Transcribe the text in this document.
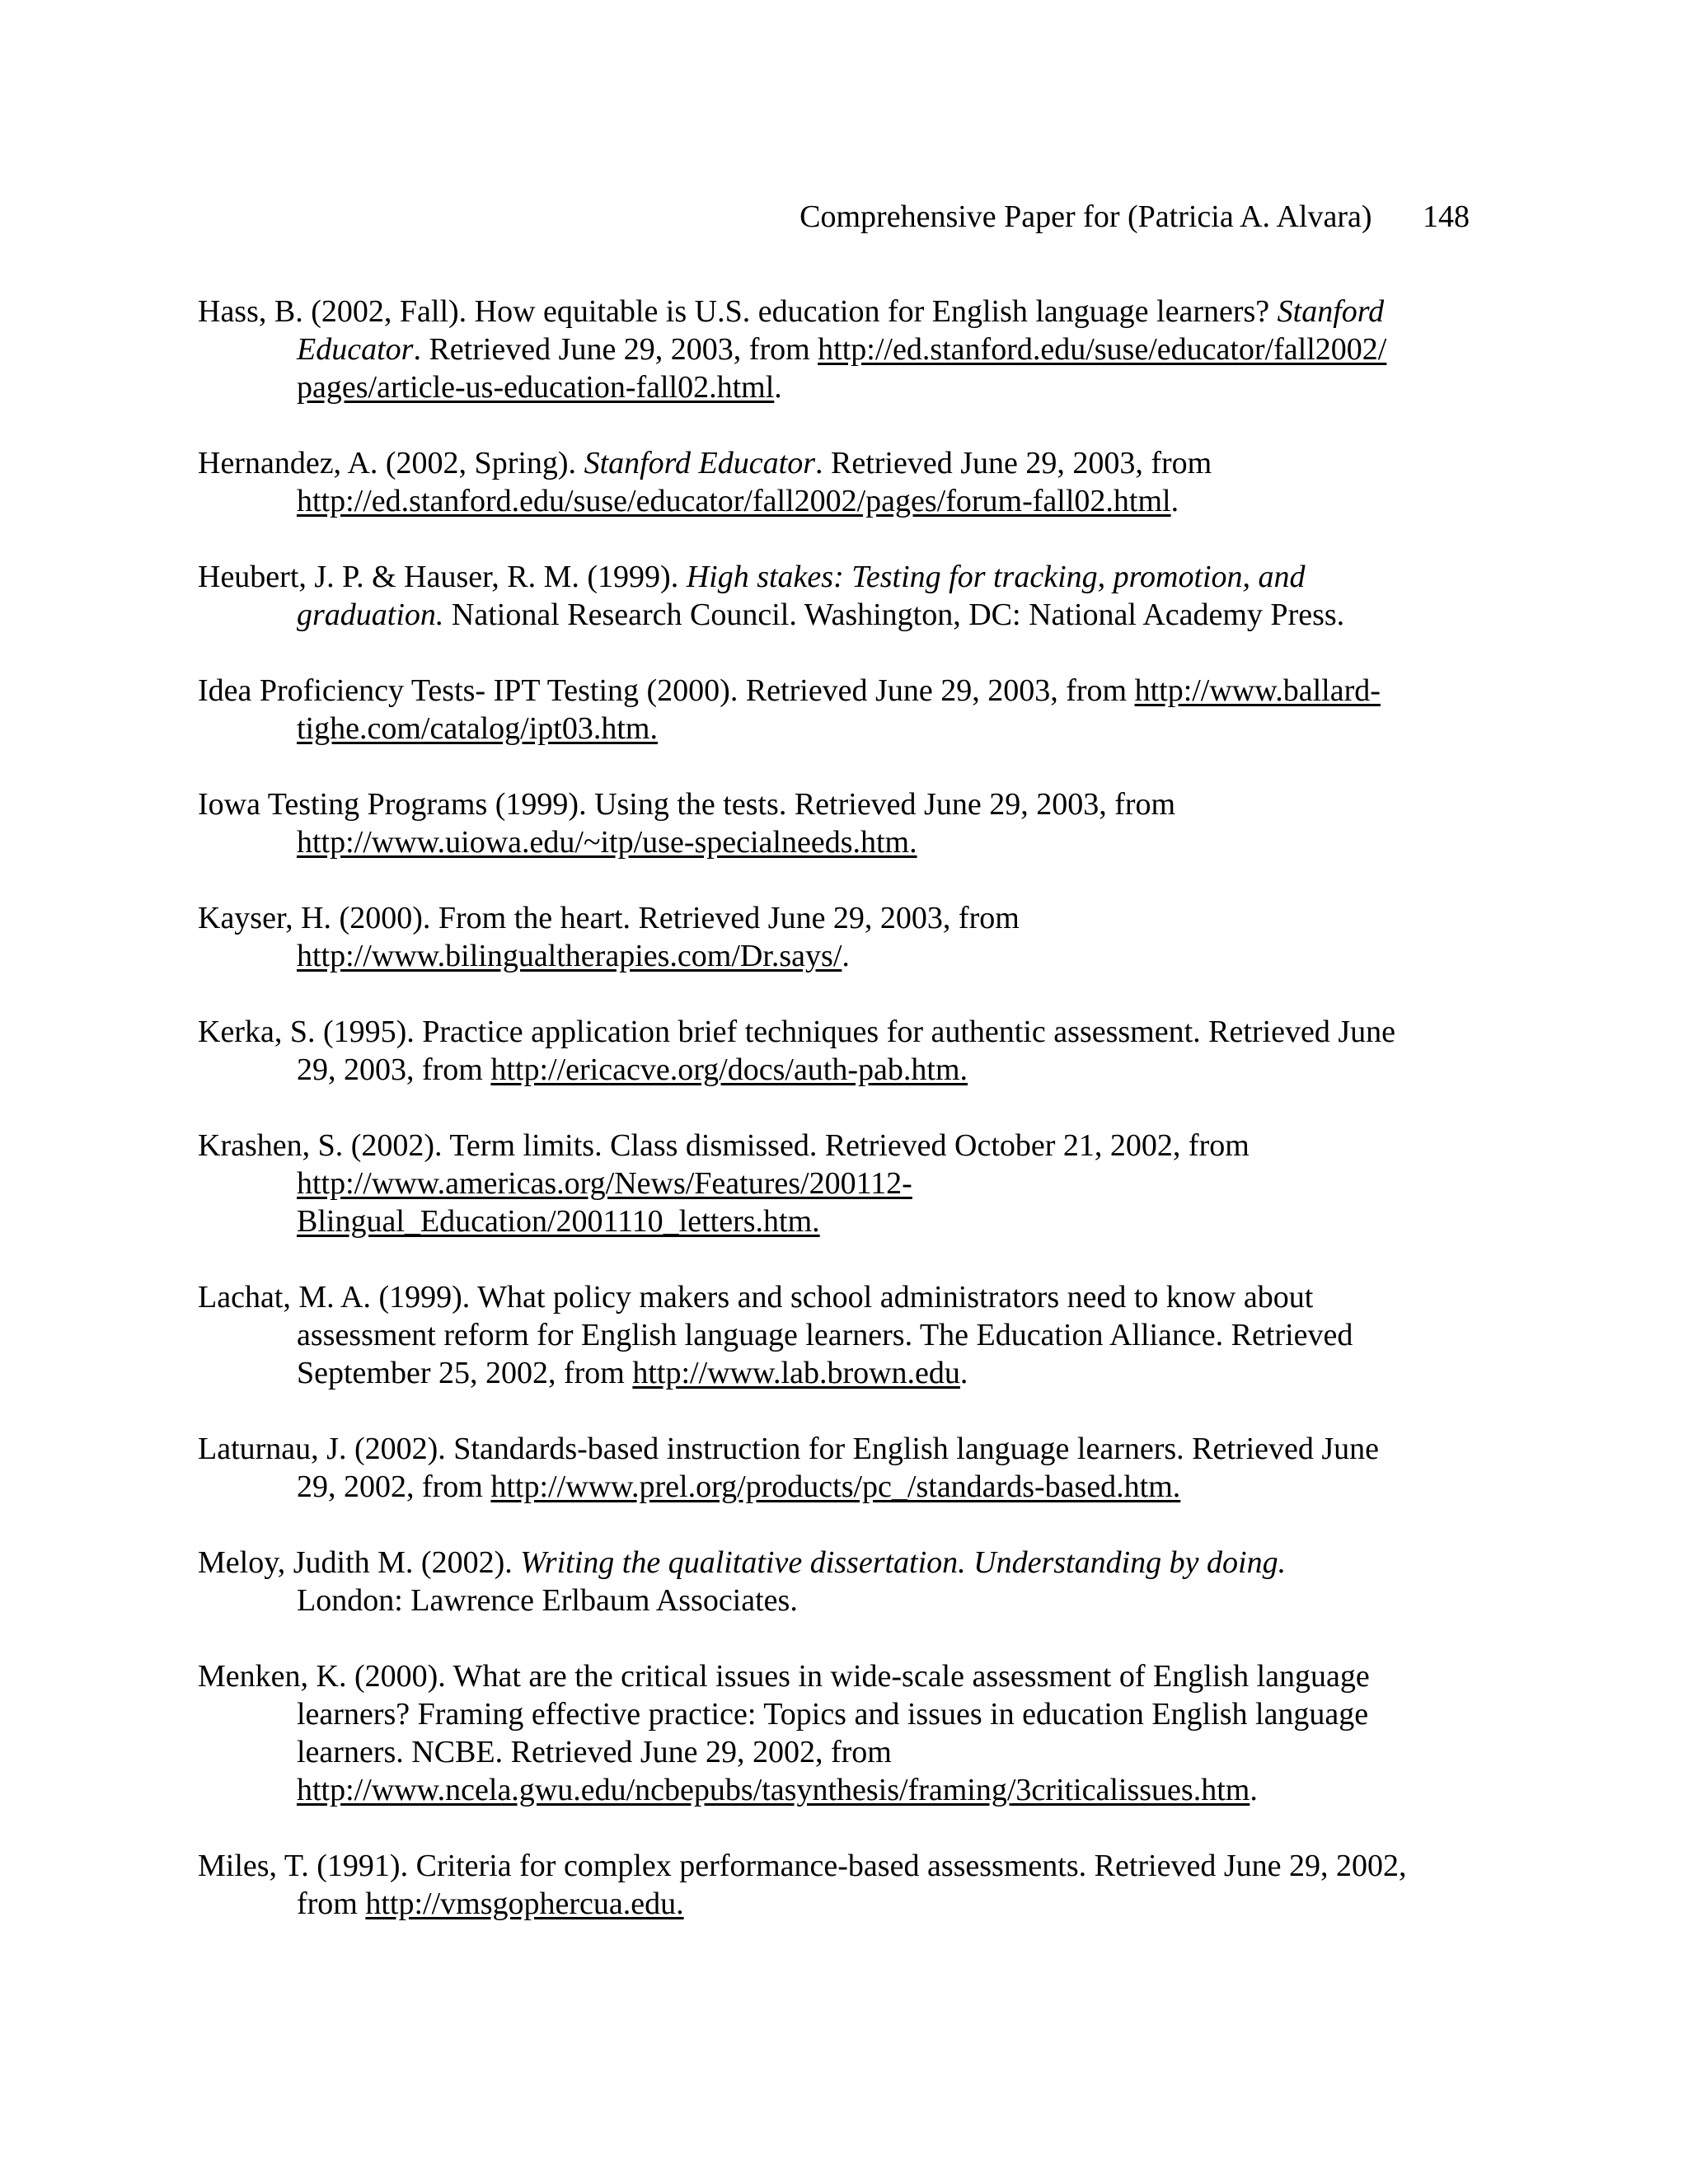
Comprehensive Paper for (Patricia A. Alvara) 148

Hass, B. (2002, Fall). How equitable is U.S. education for English language learners? Stanford
Educator. Retrieved June 29, 2003, from http://ed.stanford.edu/suse/educator/fall2002/
pages/article-us-education-fall02.html.

Hernandez, A. (2002, Spring). Stanford Educator. Retrieved June 29, 2003, from
http://ed.stanford.edu/suse/educator/fall2002/pages/forum-fall02.html.

Heubert, J. P. & Hauser, R. M. (1999). High stakes: Testing for tracking, promotion, and
graduation. National Research Council. Washington, DC: National Academy Press.

Idea Proficiency Tests- IPT Testing (2000). Retrieved June 29, 2003, from http://www.ballard-
tighe.com/catalog/ipt03.htm.

Iowa Testing Programs (1999). Using the tests. Retrieved June 29, 2003, from
http://www.uiowa.edu/~itp/use-specialneeds.htm.

Kayser, H. (2000). From the heart. Retrieved June 29, 2003, from
http://www.bilingualtherapies.com/Dr.says/.

Kerka, S. (1995). Practice application brief techniques for authentic assessment. Retrieved June
29, 2003, from http://ericacve.org/docs/auth-pab.htm.

Krashen, S. (2002). Term limits. Class dismissed. Retrieved October 21, 2002, from
http://www.americas.org/News/Features/200112-
Blingual_Education/2001110_letters.htm.

Lachat, M. A. (1999). What policy makers and school administrators need to know about
assessment reform for English language learners. The Education Alliance. Retrieved
September 25, 2002, from http://www.lab.brown.edu.

Laturnau, J. (2002). Standards-based instruction for English language learners. Retrieved June
29, 2002, from http://www.prel.org/products/pc_/standards-based.htm.

Meloy, Judith M. (2002). Writing the qualitative dissertation. Understanding by doing.
London: Lawrence Erlbaum Associates.

Menken, K. (2000). What are the critical issues in wide-scale assessment of English language
learners? Framing effective practice: Topics and issues in education English language
learners. NCBE. Retrieved June 29, 2002, from
http://www.ncela.gwu.edu/ncbepubs/tasynthesis/framing/3criticalissues.htm.

Miles, T. (1991). Criteria for complex performance-based assessments. Retrieved June 29, 2002,
from http://vmsgophercua.edu.
